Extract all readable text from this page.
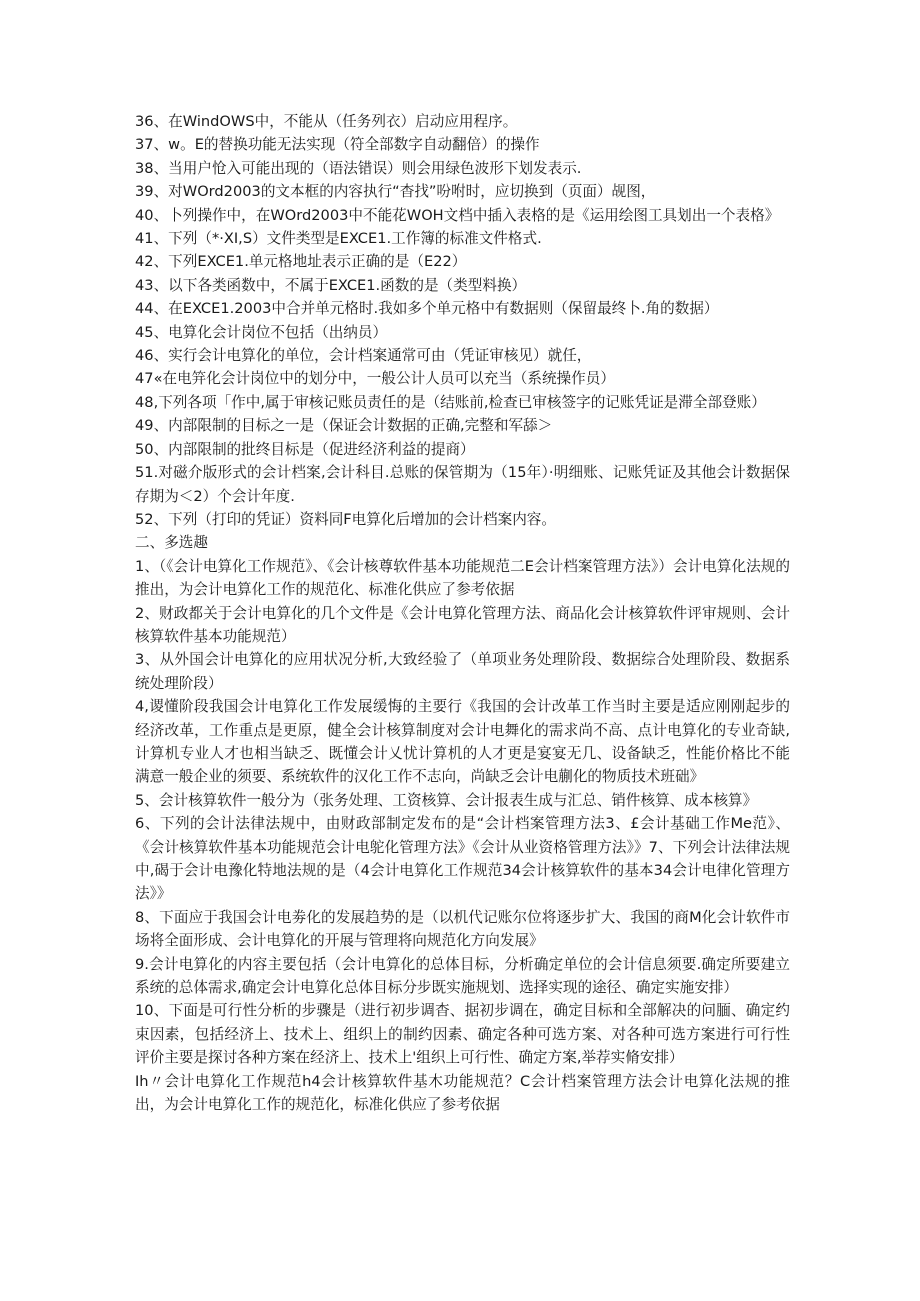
36、在WindOWS中，不能从（任务列衣）启动应用程序。
37、w。E的替换功能无法实现（符全部数字自动翻倍）的操作
38、当用户怆入可能出现的（语法错误）则会用绿色波形下划发表示.
39、对WOrd2003的文本框的内容执行“杳找”吩咐时，应切换到（页面）觇图，
40、卜列操作中，在WOrd2003中不能花WOH文档中插入表格的是《运用绘图工具划出一个表格》
41、下列（*·XI,S）文件类型是EXCE1.工作簿的标准文件格式.
42、下列EXCE1.单元格地址表示正确的是（E22）
43、以下各类函数中，不属于EXCE1.函数的是（类型料换）
44、在EXCE1.2003中合并单元格时.我如多个单元格中有数据则（保留最终卜.角的数据）
45、电算化会计岗位不包括（出纳员）
46、实行会计电算化的单位，会计档案通常可由（凭证审核见）就任，
47«在电笄化会计岗位中的划分中，一般公计人员可以充当（系统操作员）
48,下列各项「作中,属于审核记账员责任的是（结账前,检查已审核签字的记账凭证是滞全部登账）
49、内部限制的目标之一是（保证会计数据的正确,完整和军舔＞
50、内部限制的批终目标是（促进经济利益的提商）

51.对磁介版形式的会计档案,会计科目.总账的保管期为（15年）·明细账、记账凭证及其他会计数据保存期为＜2）个会计年度.

52、下列（打印的凭证）资料同F电算化后增加的会计档案内容。

二、多选趣

1、（《会计电算化工作规范》、《会计核尊软件基本功能规范二E会计档案管理方法》）会计电算化法规的推出，为会计电算化工作的规范化、标准化供应了参考依据

2、财政都关于会计电算化的几个文件是《会计电算化管理方法、商品化会计核算软件评审规则、会计核算软件基本功能规范）

3、从外国会计电算化的应用状况分析,大致经验了（单项业务处理阶段、数据综合处理阶段、数据系统处理阶段）

4,谡懂阶段我国会计电算化工作发展缓悔的主要行《我国的会计改革工作当时主要是适应刚刚起步的经济改革，工作重点是更原，健全会计核算制度对会计电舞化的需求尚不高、点计电算化的专业奇缺,计算机专业人才也相当缺乏、既懂会计乂忧计算机的人才更是宴宴无几、设备缺乏，性能价格比不能满意一般企业的须要、系统软件的汉化工作不志向，尚缺乏会计电蒯化的物质技术班础》

5、会计核算软件一般分为（张务处理、工资核算、会计报表生成与汇总、销件核算、成本核算》

6、下列的会计法律法规中，由财政部制定发布的是“会计档案管理方法3、£会计基础工作Me范》、《会计核算软件基本功能规范会计电鸵化管理方法》《会计从业资格管理方法》》7、下列会计法律法规中,碣于会计电豫化特地法规的是（4会计电算化工作规范34会计核算软件的基本34会计电律化管理方法》》

8、下面应于我国会计电劵化的发展趋势的是（以机代记账尔位将逐步扩大、我国的商M化会计软件市场将全面形成、会计电算化的开展与管理将向规范化方向发展》

9.会计电算化的内容主要包括（会计电算化的总体目标，分析确定单位的会计信息须要.确定所要建立系统的总体需求,确定会计电算化总体目标分步既实施规划、选择实现的途径、确定实施安排）

10、下面是可行性分析的步骤是（进行初步调杳、据初步调在，确定目标和全部解决的问腼、确定约束因素，包括经济上、技术上、组织上的制约因素、确定各种可选方案、对各种可选方案进行可行性评价主要是探讨各种方案在经济上、技术上'组织上可行性、确定方案,举荐实脩安排）

Ih〃会计电算化工作规范h4会计核算软件基木功能规范？C会计档案管理方法会计电算化法规的推出，为会计电算化工作的规范化，标准化供应了参考依据
